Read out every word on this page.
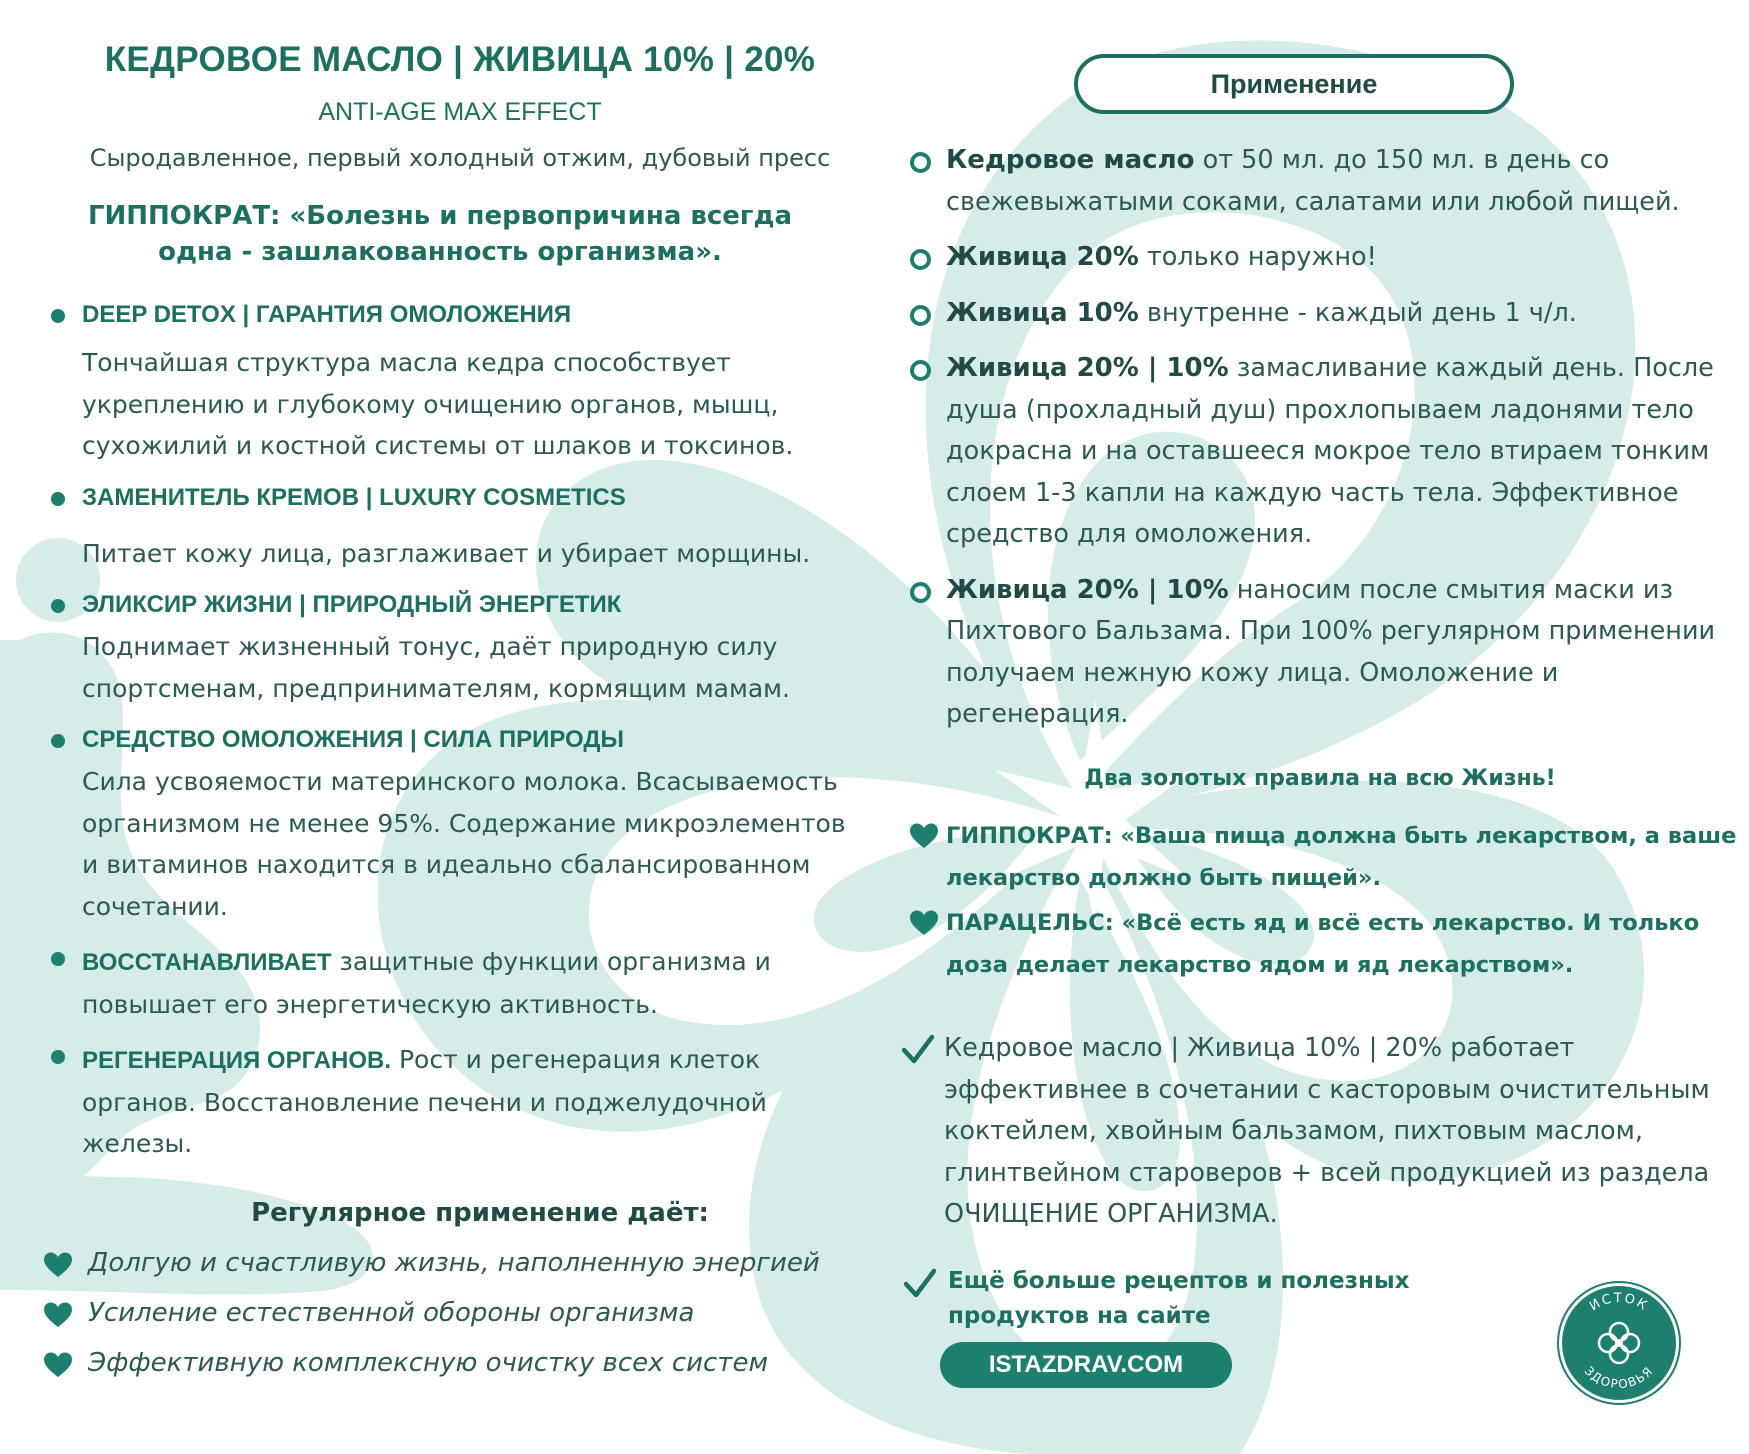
КЕДРОВОЕ МАСЛО | ЖИВИЦА 10% | 20%
ANTI-AGE MAX EFFECT
Сыродавленное, первый холодный отжим, дубовый пресс
ГИППОКРАТ: «Болезнь и первопричина всегда
одна - зашлакованность организма».
DEEP DETOX | ГАРАНТИЯ ОМОЛОЖЕНИЯ
Тончайшая структура масла кедра способствует укреплению и глубокому очищению органов, мышц, сухожилий и костной системы от шлаков и токсинов.
ЗАМЕНИТЕЛЬ КРЕМОВ | LUXURY COSMETICS
Питает кожу лица, разглаживает и убирает морщины.
ЭЛИКСИР ЖИЗНИ | ПРИРОДНЫЙ ЭНЕРГЕТИК
Поднимает жизненный тонус, даёт природную силу спортсменам, предпринимателям, кормящим мамам.
СРЕДСТВО ОМОЛОЖЕНИЯ | СИЛА ПРИРОДЫ
Сила усвояемости материнского молока. Всасываемость организмом не менее 95%. Содержание микроэлементов и витаминов находится в идеально сбалансированном сочетании.
ВОССТАНАВЛИВАЕТ защитные функции организма и повышает его энергетическую активность.
РЕГЕНЕРАЦИЯ ОРГАНОВ. Рост и регенерация клеток органов. Восстановление печени и поджелудочной железы.
Регулярное применение даёт:
Долгую и счастливую жизнь, наполненную энергией
Усиление естественной обороны организма
Эффективную комплексную очистку всех систем
Применение
Кедровое масло от 50 мл. до 150 мл. в день со свежевыжатыми соками, салатами или любой пищей.
Живица 20% только наружно!
Живица 10% внутренне - каждый день 1 ч/л.
Живица 20% | 10% замасливание каждый день. После душа (прохладный душ) прохлопываем ладонями тело докрасна и на оставшееся мокрое тело втираем тонким слоем 1-3 капли на каждую часть тела. Эффективное средство для омоложения.
Живица 20% | 10% наносим после смытия маски из Пихтового Бальзама. При 100% регулярном применении получаем нежную кожу лица. Омоложение и регенерация.
Два золотых правила на всю Жизнь!
ГИППОКРАТ: «Ваша пища должна быть лекарством, а ваше лекарство должно быть пищей».
ПАРАЦЕЛЬС: «Всё есть яд и всё есть лекарство. И только доза делает лекарство ядом и яд лекарством».
Кедровое масло | Живица 10% | 20% работает эффективнее в сочетании с касторовым очистительным коктейлем, хвойным бальзамом, пихтовым маслом, глинтвейном староверов + всей продукцией из раздела ОЧИЩЕНИЕ ОРГАНИЗМА.
Ещё больше рецептов и полезных продуктов на сайте
ISTAZDRAV.COM
ИСТОК
ЗДОРОВЬЯ
